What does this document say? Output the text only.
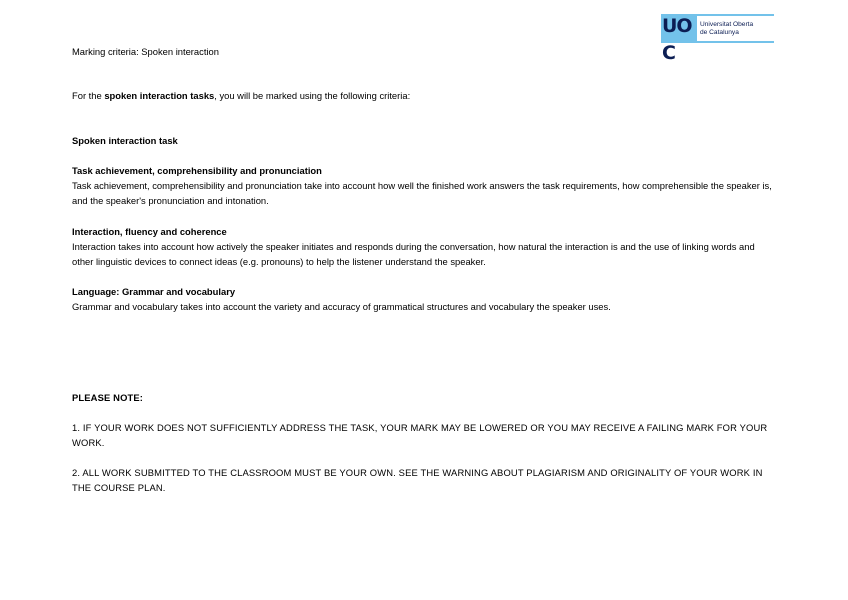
UOC
Universitat Oberta
de Catalunya

Marking criteria: Spoken interaction

For the spoken interaction tasks, you will be marked using the following criteria:

Spoken interaction task

Task achievement, comprehensibility and pronunciation

Task achievement, comprehensibility and pronunciation take into account how well the finished work answers the task requirements, how comprehensible the speaker is, and the speaker's pronunciation and intonation.

Interaction, fluency and coherence

Interaction takes into account how actively the speaker initiates and responds during the conversation, how natural the interaction is and the use of linking words and other linguistic devices to connect ideas (e.g. pronouns) to help the listener understand the speaker.

Language: Grammar and vocabulary

Grammar and vocabulary takes into account the variety and accuracy of grammatical structures and vocabulary the speaker uses.

PLEASE NOTE:

1. IF YOUR WORK DOES NOT SUFFICIENTLY ADDRESS THE TASK, YOUR MARK MAY BE LOWERED OR YOU MAY RECEIVE A FAILING MARK FOR YOUR WORK.

2. ALL WORK SUBMITTED TO THE CLASSROOM MUST BE YOUR OWN. SEE THE WARNING ABOUT PLAGIARISM AND ORIGINALITY OF YOUR WORK IN THE COURSE PLAN.
